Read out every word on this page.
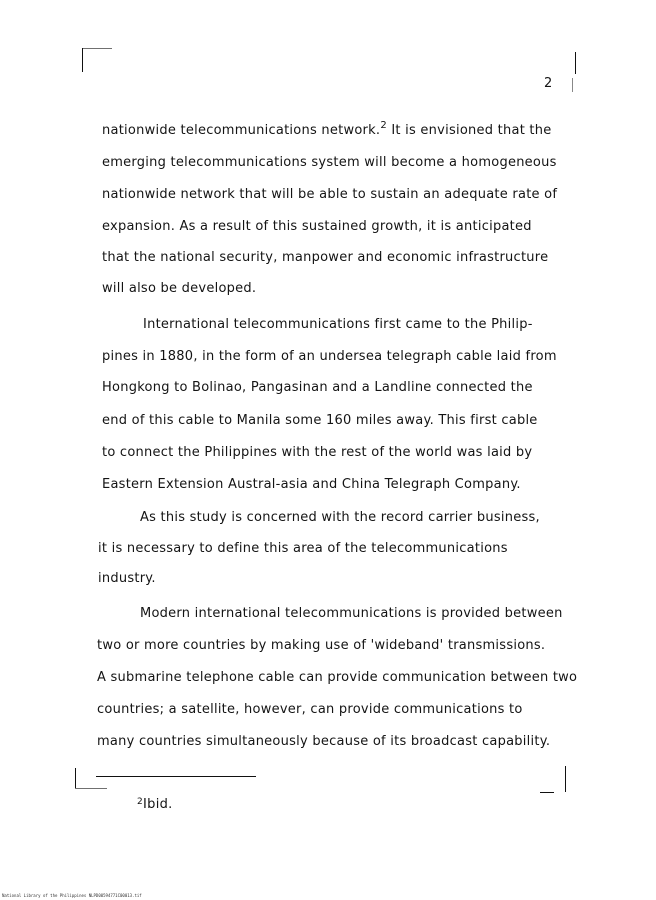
2

nationwide telecommunications network.$^2$ It is envisioned that the

emerging telecommunications system will become a homogeneous

nationwide network that will be able to sustain an adequate rate of

expansion. As a result of this sustained growth, it is anticipated

that the national security, manpower and economic infrastructure

will also be developed.

International telecommunications first came to the Philip-

pines in 1880, in the form of an undersea telegraph cable laid from

Hongkong to Bolinao, Pangasinan and a Landline connected the

end of this cable to Manila some 160 miles away. This first cable

to connect the Philippines with the rest of the world was laid by

Eastern Extension Austral-asia and China Telegraph Company.

As this study is concerned with the record carrier business,

it is necessary to define this area of the telecommunications

industry.

Modern international telecommunications is provided between

two or more countries by making use of 'wideband' transmissions.

A submarine telephone cable can provide communication between two

countries; a satellite, however, can provide communications to

many countries simultaneously because of its broadcast capability.

$^2$Ibid.
National Library of the Philippines NLPD00594771C00013.tif
